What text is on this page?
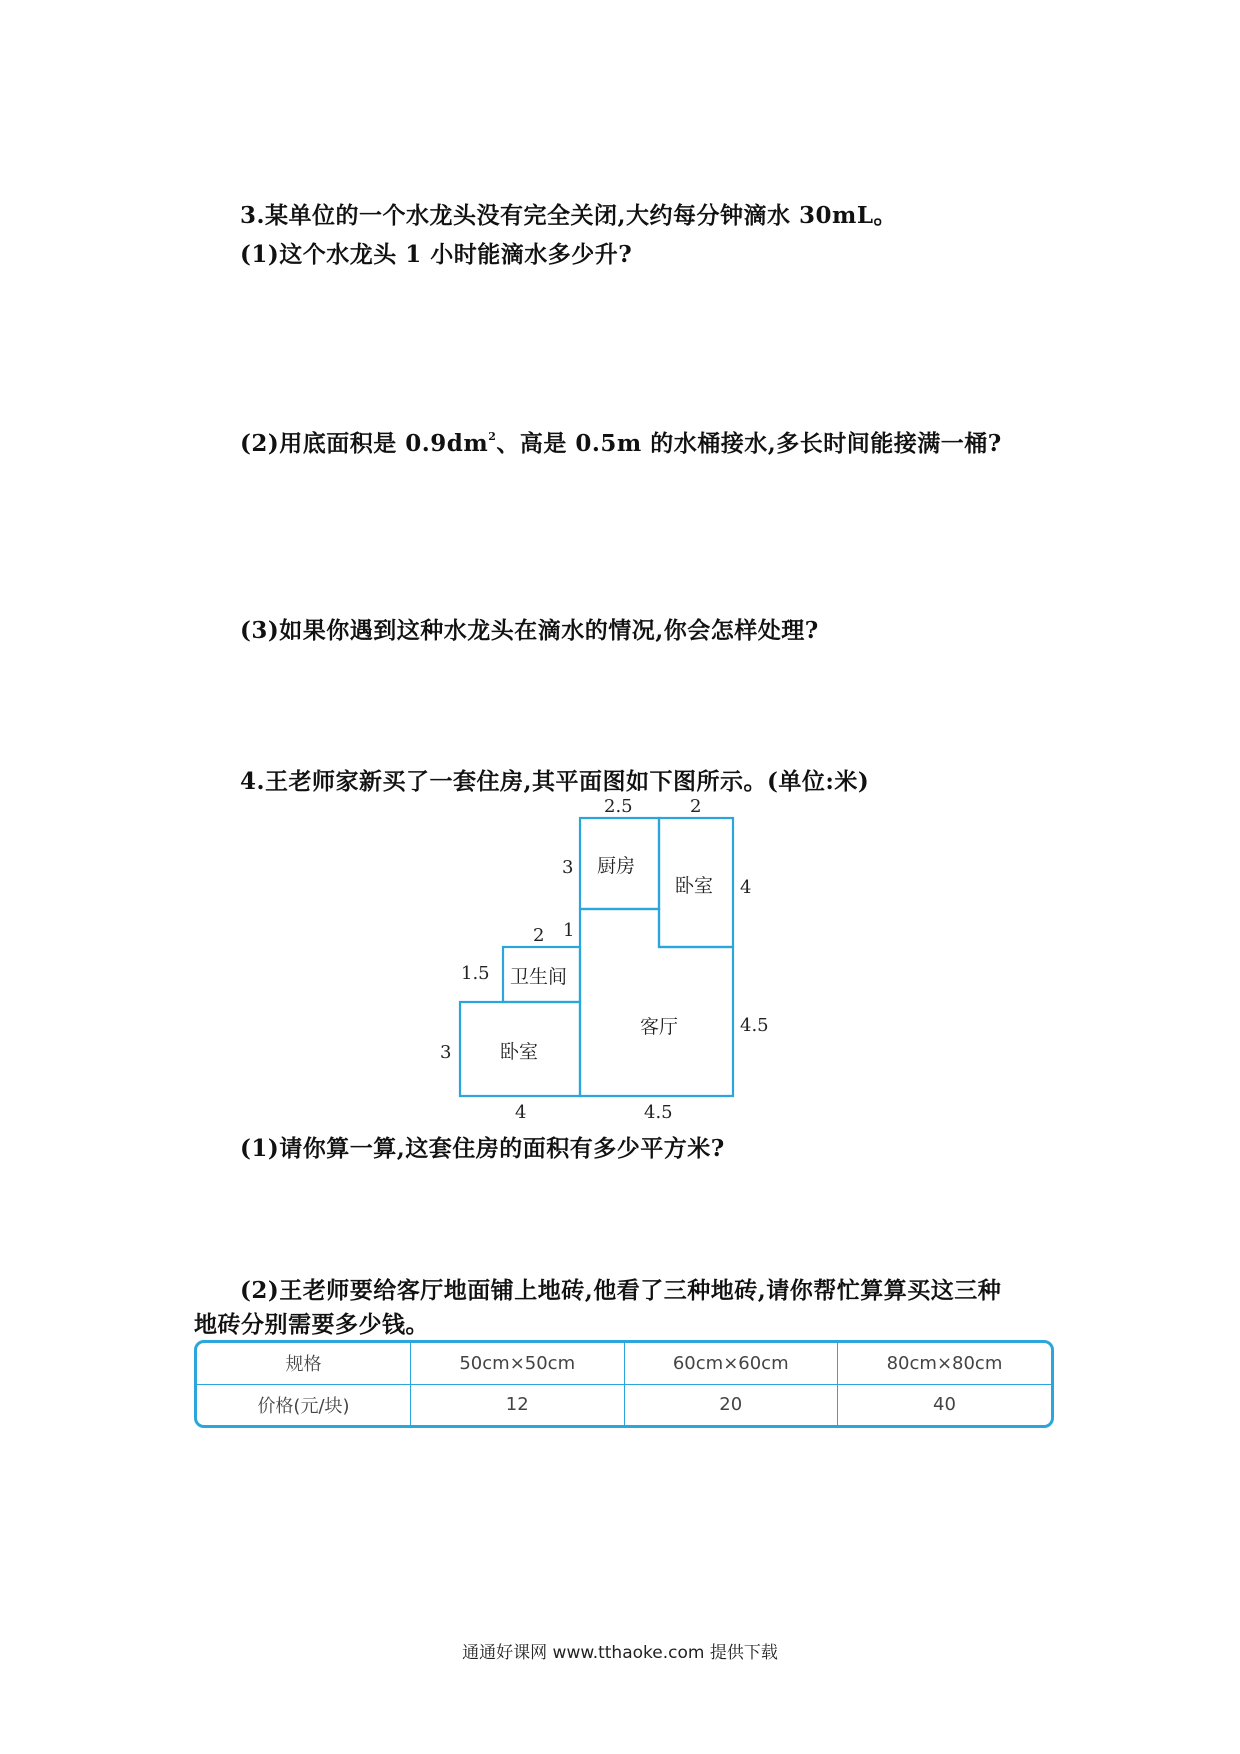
3.某单位的一个水龙头没有完全关闭,大约每分钟滴水 30mL。
(1)这个水龙头 1 小时能滴水多少升?
(2)用底面积是 $0.9dm^2$、高是 0.5m 的水桶接水,多长时间能接满一桶?
(3)如果你遇到这种水龙头在滴水的情况,你会怎样处理?
4.王老师家新买了一套住房,其平面图如下图所示。(单位:米)
厨房
卧室
卫生间
客厅
卧室
2.5	2
3
4
2 1
1.5
4.5
3
4	4.5
(1)请你算一算,这套住房的面积有多少平方米?
(2)王老师要给客厅地面铺上地砖,他看了三种地砖,请你帮忙算算买这三种
地砖分别需要多少钱。
规格	50cm×50cm	60cm×60cm	80cm×80cm
价格(元/块)	12	20	40
通通好课网 www.tthaoke.com 提供下载
